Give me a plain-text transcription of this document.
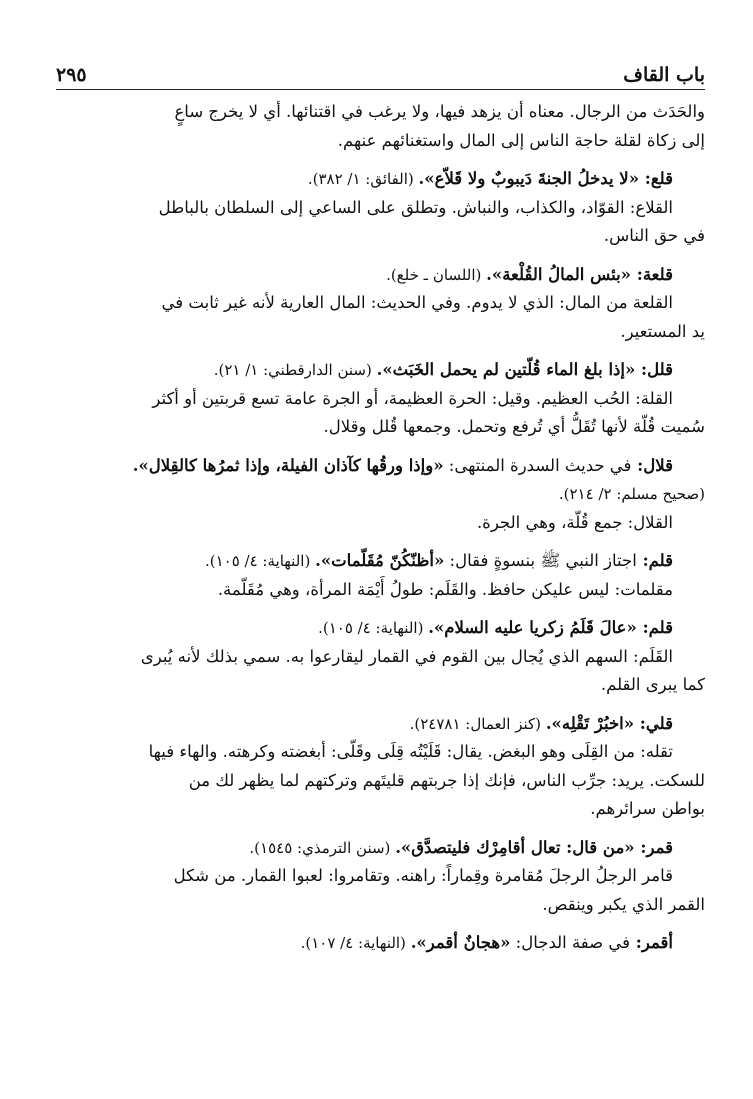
باب القاف
٢٩٥

والحَدَث من الرجال. معناه أن يزهد فيها، ولا يرغب في اقتنائها. أي لا يخرج ساعٍ

إلى زكاة لقلة حاجة الناس إلى المال واستغنائهم عنهم.

قلع: «لا يدخلُ الجنةَ دَيبوبٌ ولا قَلاّع». (الفائق: ١/ ٣٨٢).

القلاع: القوّاد، والكذاب، والنباش. وتطلق على الساعي إلى السلطان بالباطل

في حق الناس.

قلعة: «بئس المالُ القُلْعة». (اللسان ـ خلع).

القلعة من المال: الذي لا يدوم. وفي الحديث: المال العارية لأنه غير ثابت في

يد المستعير.

قلل: «إذا بلغ الماء قُلّتين لم يحمل الخَبَث». (سنن الدارقطني: ١/ ٢١).

القلة: الحُب العظيم. وقيل: الحرة العظيمة، أو الجرة عامة تسع قربتين أو أكثر

سُميت قُلّة لأنها تُقَلُّ أي تُرفع وتحمل. وجمعها قُلل وقلال.

قلال: في حديث السدرة المنتهى: «وإذا ورقُها كآذان الفيلة، وإذا ثمرُها كالقِلال».

(صحيح مسلم: ٢/ ٢١٤).

القلال: جمع قُلّة، وهي الجرة.

قلم: اجتاز النبي ﷺ بنسوةٍ فقال: «أظنّكُنّ مُقَلّمات». (النهاية: ٤/ ١٠٥).

مقلمات: ليس عليكن حافظ. والقَلَم: طولُ أَيْمَة المرأة، وهي مُقَلّمة.

قلم: «عالَ قَلَمُ زكريا عليه السلام». (النهاية: ٤/ ١٠٥).

القَلَم: السهم الذي يُجال بين القوم في القمار ليقارعوا به. سمي بذلك لأنه يُبرى

كما يبرى القلم.

قلي: «اخبُرْ تَقْلِه». (كنز العمال: ٢٤٧٨١).

تقله: من القِلَى وهو البغض. يقال: قَلَيْتُه قِلَى وقَلّى: أبغضته وكرهته. والهاء فيها

للسكت. يريد: جرِّب الناس، فإنك إذا جربتهم قليتَهم وتركتهم لما يظهر لك من

بواطن سرائرهم.

قمر: «من قال: تعال أقامِرْك فليتصدَّق». (سنن الترمذي: ١٥٤٥).

قامر الرجلُ الرجلَ مُقامرة وقِماراً: راهنه. وتقامروا: لعبوا القمار. من شكل

القمر الذي يكبر وينقص.

أقمر: في صفة الدجال: «هجانٌ أقمر». (النهاية: ٤/ ١٠٧).
